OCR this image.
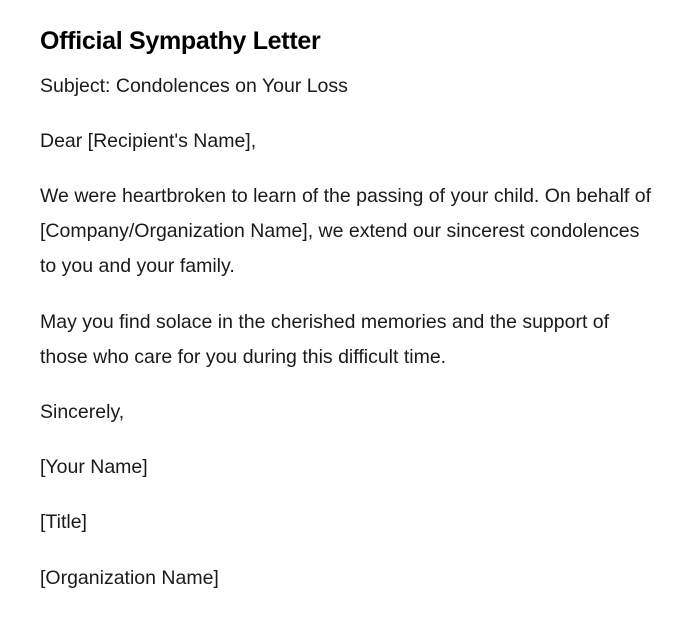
Official Sympathy Letter

Subject: Condolences on Your Loss

Dear [Recipient's Name],

We were heartbroken to learn of the passing of your child. On behalf of [Company/Organization Name], we extend our sincerest condolences to you and your family.

May you find solace in the cherished memories and the support of those who care for you during this difficult time.

Sincerely,

[Your Name]

[Title]

[Organization Name]
